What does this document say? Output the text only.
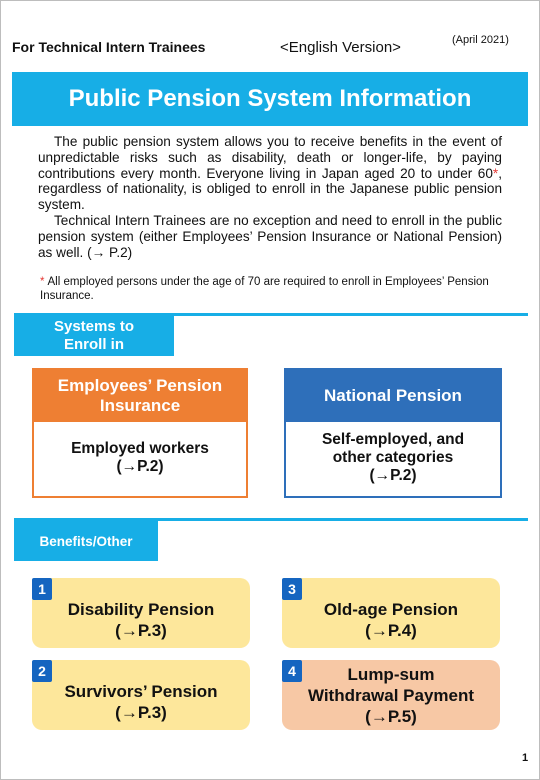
For Technical Intern Trainees	<English Version>	(April 2021)
Public Pension System Information

The public pension system allows you to receive benefits in the event of unpredictable risks such as disability, death or longer-life, by paying contributions every month. Everyone living in Japan aged 20 to under 60*, regardless of nationality, is obliged to enroll in the Japanese public pension system.

Technical Intern Trainees are no exception and need to enroll in the public pension system (either Employees’ Pension Insurance or National Pension) as well. (→ P.2)

* All employed persons under the age of 70 are required to enroll in Employees’ Pension Insurance.
Systems to Enroll in
Employees’ Pension Insurance
Employed workers
(→P.2)
National Pension
Self-employed, and other categories
(→P.2)
Benefits/Other
1
Disability Pension
(→P.3)
2
Survivors’ Pension
(→P.3)
3
Old-age Pension
(→P.4)
4	Lump-sum Withdrawal Payment
(→P.5)
1
